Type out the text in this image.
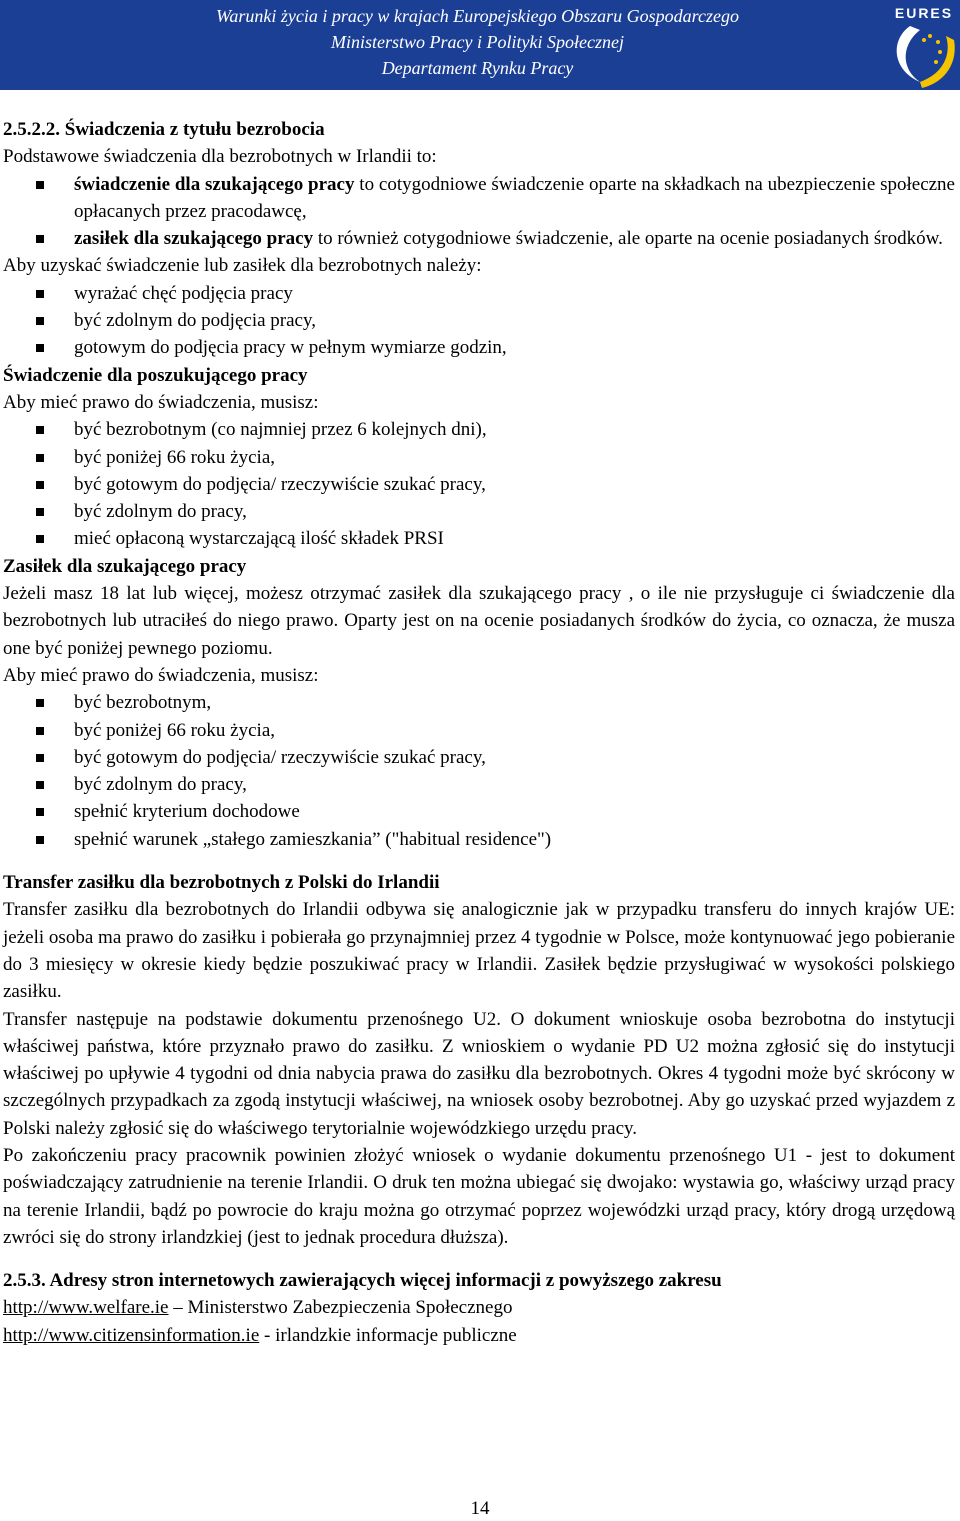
Warunki życia i pracy w krajach Europejskiego Obszaru Gospodarczego
Ministerstwo Pracy i Polityki Społecznej
Departament Rynku Pracy
EURES

2.5.2.2. Świadczenia z tytułu bezrobocia

Podstawowe świadczenia dla bezrobotnych w Irlandii to:

świadczenie dla szukającego pracy to cotygodniowe świadczenie oparte na składkach na ubezpieczenie społeczne opłacanych przez pracodawcę,
zasiłek dla szukającego pracy to również cotygodniowe świadczenie, ale oparte na ocenie posiadanych środków.

Aby uzyskać świadczenie lub zasiłek dla bezrobotnych należy:

wyrażać chęć podjęcia pracy
być zdolnym do podjęcia pracy,
gotowym do podjęcia pracy w pełnym wymiarze godzin,

Świadczenie dla poszukującego pracy

Aby mieć prawo do świadczenia, musisz:

być bezrobotnym (co najmniej przez 6 kolejnych dni),
być poniżej 66 roku życia,
być gotowym do podjęcia/ rzeczywiście szukać pracy,
być zdolnym do pracy,
mieć opłaconą wystarczającą ilość składek PRSI

Zasiłek dla szukającego pracy

Jeżeli masz 18 lat lub więcej, możesz otrzymać zasiłek dla szukającego pracy , o ile nie przysługuje ci świadczenie dla bezrobotnych lub utraciłeś do niego prawo. Oparty jest on na ocenie posiadanych środków do życia, co oznacza, że musza one być poniżej pewnego poziomu.

Aby mieć prawo do świadczenia, musisz:

być bezrobotnym,
być poniżej 66 roku życia,
być gotowym do podjęcia/ rzeczywiście szukać pracy,
być zdolnym do pracy,
spełnić kryterium dochodowe
spełnić warunek „stałego zamieszkania” ("habitual residence")

Transfer zasiłku dla bezrobotnych z Polski do Irlandii

Transfer zasiłku dla bezrobotnych do Irlandii odbywa się analogicznie jak w przypadku transferu do innych krajów UE: jeżeli osoba ma prawo do zasiłku i pobierała go przynajmniej przez 4 tygodnie w Polsce, może kontynuować jego pobieranie do 3 miesięcy w okresie kiedy będzie poszukiwać pracy w Irlandii. Zasiłek będzie przysługiwać w wysokości polskiego zasiłku.

Transfer następuje na podstawie dokumentu przenośnego U2. O dokument wnioskuje osoba bezrobotna do instytucji właściwej państwa, które przyznało prawo do zasiłku. Z wnioskiem o wydanie PD U2 można zgłosić się do instytucji właściwej po upływie 4 tygodni od dnia nabycia prawa do zasiłku dla bezrobotnych. Okres 4 tygodni może być skrócony w szczególnych przypadkach za zgodą instytucji właściwej, na wniosek osoby bezrobotnej. Aby go uzyskać przed wyjazdem z Polski należy zgłosić się do właściwego terytorialnie wojewódzkiego urzędu pracy.

Po zakończeniu pracy pracownik powinien złożyć wniosek o wydanie dokumentu przenośnego U1 - jest to dokument poświadczający zatrudnienie na terenie Irlandii. O druk ten można ubiegać się dwojako: wystawia go, właściwy urząd pracy na terenie Irlandii, bądź po powrocie do kraju można go otrzymać poprzez wojewódzki urząd pracy, który drogą urzędową zwróci się do strony irlandzkiej (jest to jednak procedura dłuższa).

2.5.3. Adresy stron internetowych zawierających więcej informacji z powyższego zakresu

http://www.welfare.ie – Ministerstwo Zabezpieczenia Społecznego

http://www.citizensinformation.ie - irlandzkie informacje publiczne

14
